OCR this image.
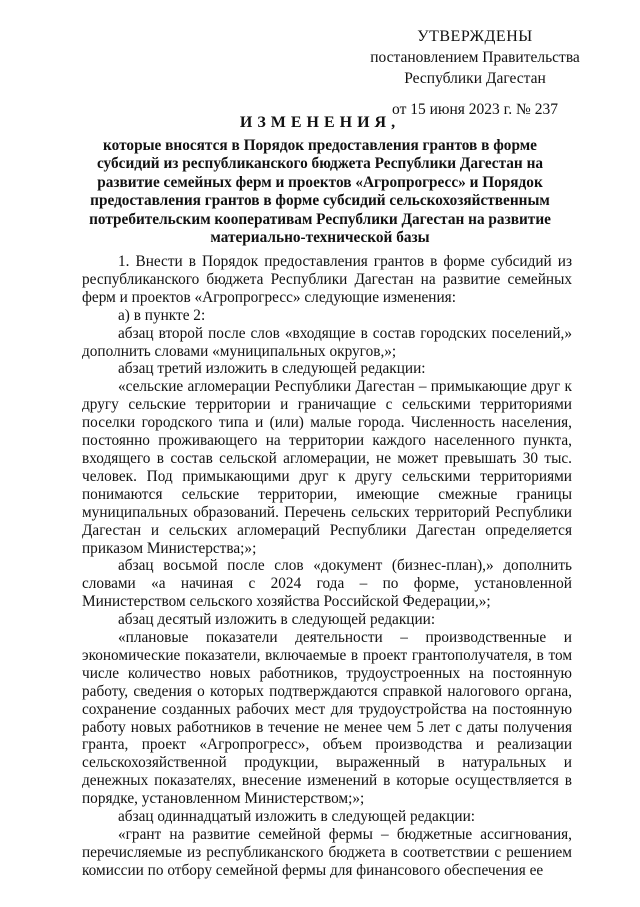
УТВЕРЖДЕНЫ
постановлением Правительства
Республики Дагестан
от 15 июня 2023 г. № 237
ИЗМЕНЕНИЯ,
которые вносятся в Порядок предоставления грантов в форме субсидий из республиканского бюджета Республики Дагестан на развитие семейных ферм и проектов «Агропрогресс» и Порядок предоставления грантов в форме субсидий сельскохозяйственным потребительским кооперативам Республики Дагестан на развитие материально-технической базы

1. Внести в Порядок предоставления грантов в форме субсидий из республиканского бюджета Республики Дагестан на развитие семейных ферм и проектов «Агропрогресс» следующие изменения:

а) в пункте 2:

абзац второй после слов «входящие в состав городских поселений,» дополнить словами «муниципальных округов,»;

абзац третий изложить в следующей редакции:

«сельские агломерации Республики Дагестан – примыкающие друг к другу сельские территории и граничащие с сельскими территориями поселки городского типа и (или) малые города. Численность населения, постоянно проживающего на территории каждого населенного пункта, входящего в состав сельской агломерации, не может превышать 30 тыс. человек. Под примыкающими друг к другу сельскими территориями понимаются сельские территории, имеющие смежные границы муниципальных образований. Перечень сельских территорий Республики Дагестан и сельских агломераций Республики Дагестан определяется приказом Министерства;»;

абзац восьмой после слов «документ (бизнес-план),» дополнить словами «а начиная с 2024 года – по форме, установленной Министерством сельского хозяйства Российской Федерации,»;

абзац десятый изложить в следующей редакции:

«плановые показатели деятельности – производственные и экономические показатели, включаемые в проект грантополучателя, в том числе количество новых работников, трудоустроенных на постоянную работу, сведения о которых подтверждаются справкой налогового органа, сохранение созданных рабочих мест для трудоустройства на постоянную работу новых работников в течение не менее чем 5 лет с даты получения гранта, проект «Агропрогресс», объем производства и реализации сельскохозяйственной продукции, выраженный в натуральных и денежных показателях, внесение изменений в которые осуществляется в порядке, установленном Министерством;»;

абзац одиннадцатый изложить в следующей редакции:

«грант на развитие семейной фермы – бюджетные ассигнования, перечисляемые из республиканского бюджета в соответствии с решением комиссии по отбору семейной фермы для финансового обеспечения ее
